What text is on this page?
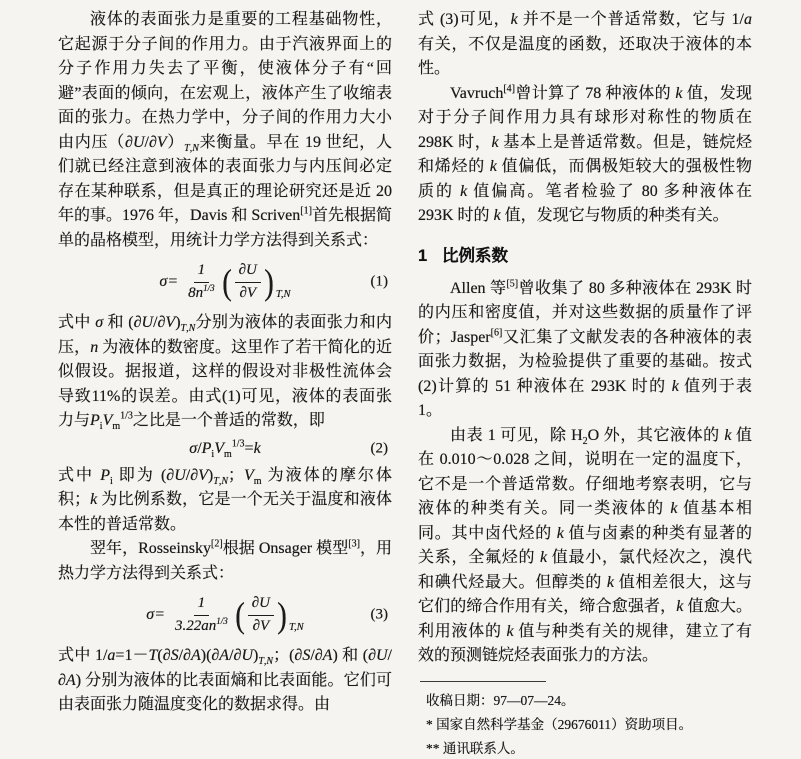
液体的表面张力是重要的工程基础物性，它起源于分子间的作用力。由于汽液界面上的分子作用力失去了平衡，使液体分子有“回避”表面的倾向，在宏观上，液体产生了收缩表面的张力。在热力学中，分子间的作用力大小由内压$(\partial U/\partial V)_{T,N}$来衡量。早在 19 世纪，人们就已经注意到液体的表面张力与内压间必定存在某种联系，但是真正的理论研究还是近 20 年的事。1976 年，Davis 和 Scriven[1]首先根据简单的晶格模型，用统计力学方法得到关系式：

$\sigma= \frac{1}{8n^{1/3}}$ ( $\frac{\partial U}{\partial V}$ ) T,N
(1)

式中 σ 和 $(\partial U/\partial V)_{T,N}$分别为液体的表面张力和内压，n 为液体的数密度。这里作了若干简化的近似假设。据报道，这样的假设对非极性流体会导致11%的误差。由式(1)可见，液体的表面张力与$P_iV_m^{1/3}$之比是一个普适的常数，即

$\sigma/P_iV_m^{1/3}=k$	(2)

式中 $P_i$ 即为 $(\partial U/\partial V)_{T,N}$；$V_m$ 为液体的摩尔体积；k 为比例系数，它是一个无关于温度和液体本性的普适常数。

翌年，Rosseinsky[2]根据 Onsager 模型[3]，用热力学方法得到关系式：

$\sigma= \frac{1}{3.22an^{1/3}}$ ( $\frac{\partial U}{\partial V}$ ) T,N
(3)

式中 $1/a=1-T(\partial S/\partial A)(\partial A/\partial U)_{T,N}$；(∂S/∂A) 和 (∂U/∂A) 分别为液体的比表面熵和比表面能。它们可由表面张力随温度变化的数据求得。由

式 (3)可见，k 并不是一个普适常数，它与 1/a 有关，不仅是温度的函数，还取决于液体的本性。

Vavruch[4]曾计算了 78 种液体的 k 值，发现对于分子间作用力具有球形对称性的物质在298K 时，k 基本上是普适常数。但是，链烷烃和烯烃的 k 值偏低，而偶极矩较大的强极性物质的 k 值偏高。笔者检验了 80 多种液体在 293K 时的 k 值，发现它与物质的种类有关。

1 比例系数

Allen 等[5]曾收集了 80 多种液体在 293K 时的内压和密度值，并对这些数据的质量作了评价；Jasper[6]又汇集了文献发表的各种液体的表面张力数据，为检验提供了重要的基础。按式(2)计算的 51 种液体在 293K 时的 k 值列于表 1。

由表 1 可见，除 $H_2O$ 外，其它液体的 k 值在 0.010～0.028 之间，说明在一定的温度下，它不是一个普适常数。仔细地考察表明，它与液体的种类有关。同一类液体的 k 值基本相同。其中卤代烃的 k 值与卤素的种类有显著的关系，全氟烃的 k 值最小，氯代烃次之，溴代和碘代烃最大。但醇类的 k 值相差很大，这与它们的缔合作用有关，缔合愈强者，k 值愈大。利用液体的 k 值与种类有关的规律，建立了有效的预测链烷烃表面张力的方法。

收稿日期：97—07—24。

* 国家自然科学基金（29676011）资助项目。

** 通讯联系人。
